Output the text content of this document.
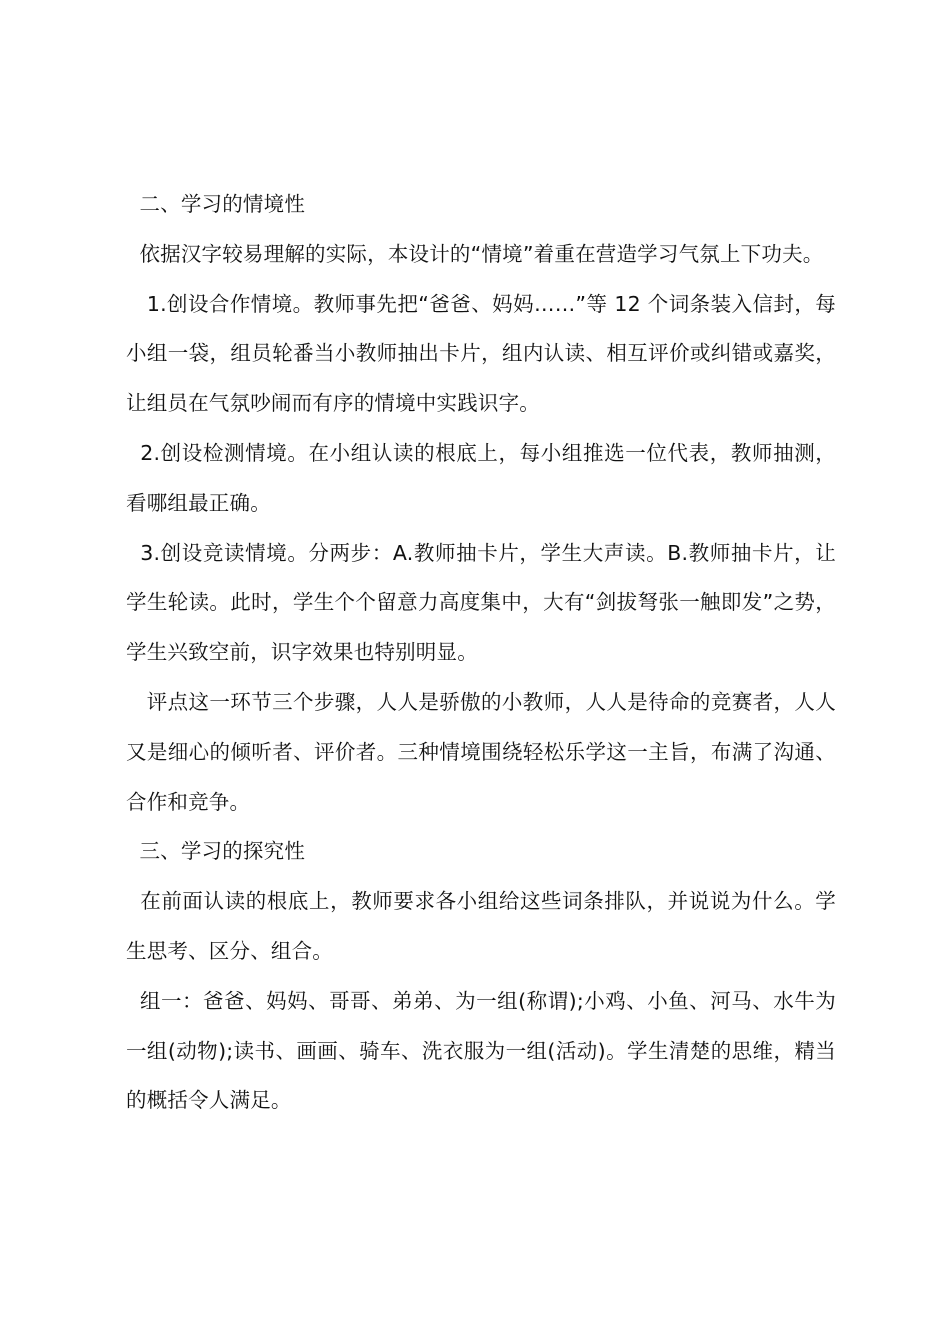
二、学习的情境性

依据汉字较易理解的实际，本设计的“情境”着重在营造学习气氛上下功夫。

1.创设合作情境。教师事先把“爸爸、妈妈……”等 12 个词条装入信封，每小组一袋，组员轮番当小教师抽出卡片，组内认读、相互评价或纠错或嘉奖，让组员在气氛吵闹而有序的情境中实践识字。

2.创设检测情境。在小组认读的根底上，每小组推选一位代表，教师抽测，看哪组最正确。

3.创设竞读情境。分两步：A.教师抽卡片，学生大声读。B.教师抽卡片，让学生轮读。此时，学生个个留意力高度集中，大有“剑拔弩张一触即发”之势，学生兴致空前，识字效果也特别明显。

评点这一环节三个步骤，人人是骄傲的小教师，人人是待命的竞赛者，人人又是细心的倾听者、评价者。三种情境围绕轻松乐学这一主旨，布满了沟通、合作和竞争。

三、学习的探究性

在前面认读的根底上，教师要求各小组给这些词条排队，并说说为什么。学生思考、区分、组合。

组一：爸爸、妈妈、哥哥、弟弟、为一组(称谓);小鸡、小鱼、河马、水牛为一组(动物);读书、画画、骑车、洗衣服为一组(活动)。学生清楚的思维，精当的概括令人满足。
